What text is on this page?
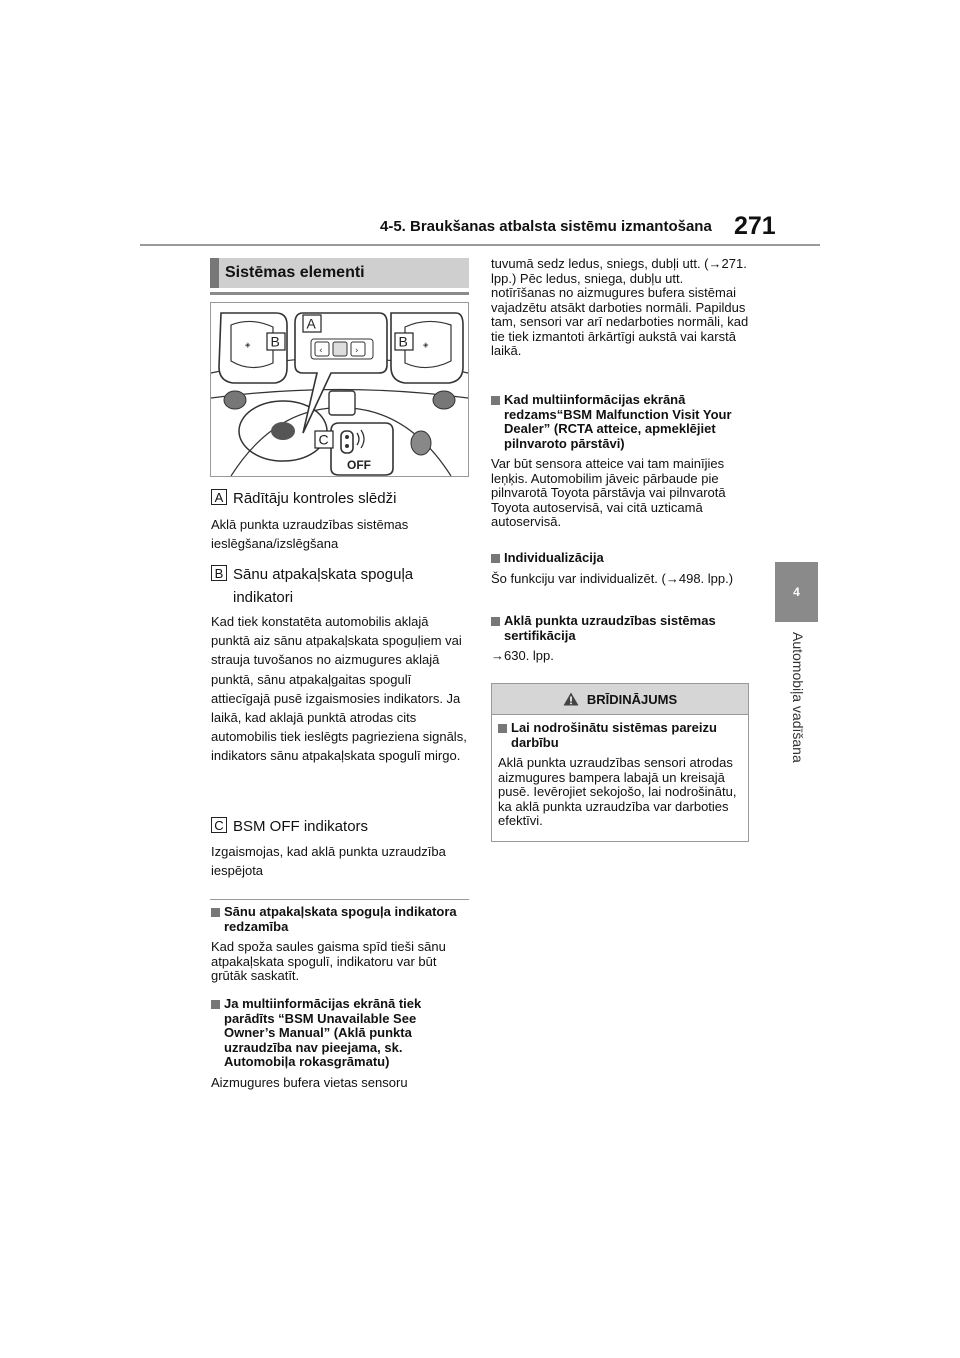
4-5. Braukšanas atbalsta sistēmu izmantošana 271
4
Automobiļa vadīšana
Sistēmas elementi
◈	◈
‹	›
B
A
B
C
OFF
A Rādītāju kontroles slēdži
Aklā punkta uzraudzības sistēmas ieslēgšana/izslēgšana
B Sānu atpakaļskata spoguļa indikatori
Kad tiek konstatēta automobilis aklajā punktā aiz sānu atpakaļskata spoguļiem vai strauja tuvošanos no aizmugures aklajā punktā, sānu atpakaļgaitas spogulī attiecīgajā pusē izgaismosies indikators. Ja laikā, kad aklajā punktā atrodas cits automobilis tiek ieslēgts pagrieziena signāls, indikators sānu atpakaļskata spogulī mirgo.
C BSM OFF indikators
Izgaismojas, kad aklā punkta uzraudzība iespējota
Sānu atpakaļskata spoguļa indikatora redzamība
Kad spoža saules gaisma spīd tieši sānu atpakaļskata spogulī, indikatoru var būt grūtāk saskatīt.
Ja multiinformācijas ekrānā tiek parādīts “BSM Unavailable See Owner’s Manual” (Aklā punkta uzraudzība nav pieejama, sk. Automobiļa rokasgrāmatu)
Aizmugures bufera vietas sensoru
tuvumā sedz ledus, sniegs, dubļi utt. (→271. lpp.) Pēc ledus, sniega, dubļu utt. notīrīšanas no aizmugures bufera sistēmai vajadzētu atsākt darboties normāli. Papildus tam, sensori var arī nedarboties normāli, kad tie tiek izmantoti ārkārtīgi aukstā vai karstā laikā.
Kad multiinformācijas ekrānā redzams“BSM Malfunction Visit Your Dealer” (RCTA atteice, apmeklējiet pilnvaroto pārstāvi)
Var būt sensora atteice vai tam mainījies leņķis. Automobilim jāveic pārbaude pie pilnvarotā Toyota pārstāvja vai pilnvarotā Toyota autoservisā, vai citā uzticamā autoservisā.
Individualizācija
Šo funkciju var individualizēt. (→498. lpp.)
Aklā punkta uzraudzības sistēmas sertifikācija
→630. lpp.
BRĪDINĀJUMS
Lai nodrošinātu sistēmas pareizu darbību
Aklā punkta uzraudzības sensori atrodas aizmugures bampera labajā un kreisajā pusē. Ievērojiet sekojošo, lai nodrošinātu, ka aklā punkta uzraudzība var darboties efektīvi.
